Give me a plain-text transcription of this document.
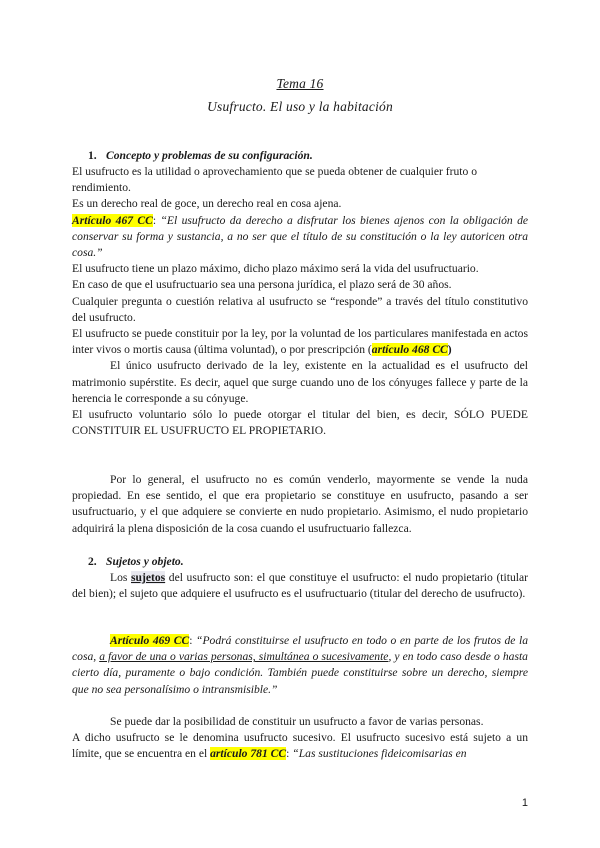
Tema 16
Usufructo. El uso y la habitación
1. Concepto y problemas de su configuración.

El usufructo es la utilidad o aprovechamiento que se pueda obtener de cualquier fruto o rendimiento.

Es un derecho real de goce, un derecho real en cosa ajena.

Artículo 467 CC: “El usufructo da derecho a disfrutar los bienes ajenos con la obligación de conservar su forma y sustancia, a no ser que el título de su constitución o la ley autoricen otra cosa.”

El usufructo tiene un plazo máximo, dicho plazo máximo será la vida del usufructuario.

En caso de que el usufructuario sea una persona jurídica, el plazo será de 30 años.

Cualquier pregunta o cuestión relativa al usufructo se “responde” a través del título constitutivo del usufructo.

El usufructo se puede constituir por la ley, por la voluntad de los particulares manifestada en actos inter vivos o mortis causa (última voluntad), o por prescripción (artículo 468 CC)

El único usufructo derivado de la ley, existente en la actualidad es el usufructo del matrimonio supérstite. Es decir, aquel que surge cuando uno de los cónyuges fallece y parte de la herencia le corresponde a su cónyuge.

El usufructo voluntario sólo lo puede otorgar el titular del bien, es decir, SÓLO PUEDE CONSTITUIR EL USUFRUCTO EL PROPIETARIO.

Por lo general, el usufructo no es común venderlo, mayormente se vende la nuda propiedad. En ese sentido, el que era propietario se constituye en usufructo, pasando a ser usufructuario, y el que adquiere se convierte en nudo propietario. Asimismo, el nudo propietario adquirirá la plena disposición de la cosa cuando el usufructuario fallezca.

2. Sujetos y objeto.

Los sujetos del usufructo son: el que constituye el usufructo: el nudo propietario (titular del bien); el sujeto que adquiere el usufructo es el usufructuario (titular del derecho de usufructo).

Artículo 469 CC: “Podrá constituirse el usufructo en todo o en parte de los frutos de la cosa, a favor de una o varias personas, simultánea o sucesivamente, y en todo caso desde o hasta cierto día, puramente o bajo condición. También puede constituirse sobre un derecho, siempre que no sea personalísimo o intransmisible.”

Se puede dar la posibilidad de constituir un usufructo a favor de varias personas.

A dicho usufructo se le denomina usufructo sucesivo. El usufructo sucesivo está sujeto a un límite, que se encuentra en el artículo 781 CC: “Las sustituciones fideicomisarias en

1
